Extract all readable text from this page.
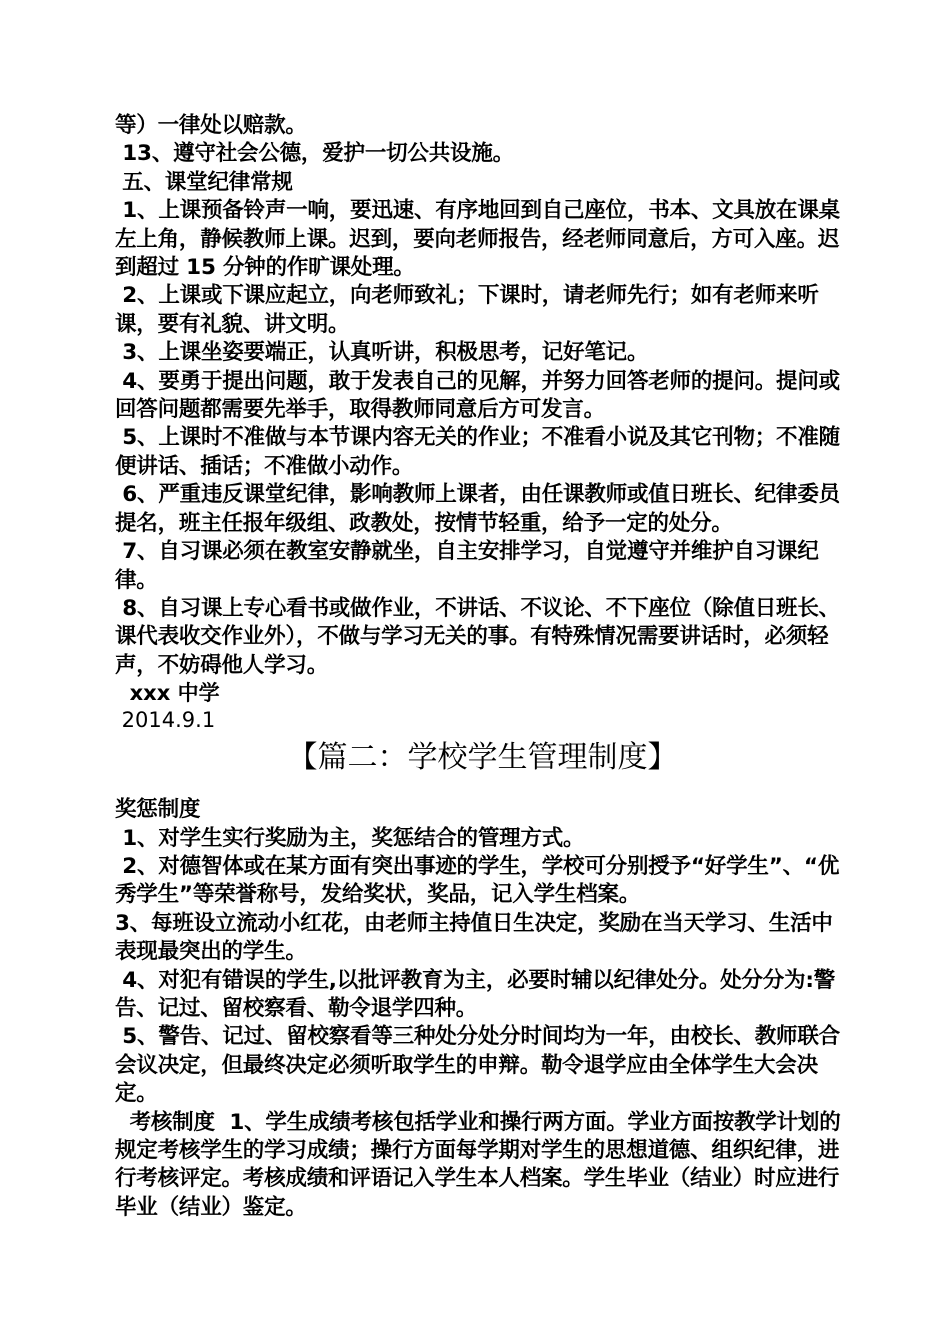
等）一律处以赔款。

13、遵守社会公德，爱护一切公共设施。

五、课堂纪律常规

1、上课预备铃声一响，要迅速、有序地回到自己座位，书本、文具放在课桌左上角，静候教师上课。迟到，要向老师报告，经老师同意后，方可入座。迟到超过 15 分钟的作旷课处理。

2、上课或下课应起立，向老师致礼；下课时，请老师先行；如有老师来听课，要有礼貌、讲文明。

3、上课坐姿要端正，认真听讲，积极思考，记好笔记。

4、要勇于提出问题，敢于发表自己的见解，并努力回答老师的提问。提问或回答问题都需要先举手，取得教师同意后方可发言。

5、上课时不准做与本节课内容无关的作业；不准看小说及其它刊物；不准随便讲话、插话；不准做小动作。

6、严重违反课堂纪律，影响教师上课者，由任课教师或值日班长、纪律委员提名，班主任报年级组、政教处，按情节轻重，给予一定的处分。

7、自习课必须在教室安静就坐，自主安排学习，自觉遵守并维护自习课纪律。

8、自习课上专心看书或做作业，不讲话、不议论、不下座位（除值日班长、课代表收交作业外），不做与学习无关的事。有特殊情况需要讲话时，必须轻声，不妨碍他人学习。

xxx 中学

2014.9.1

【篇二：学校学生管理制度】

奖惩制度

1、对学生实行奖励为主，奖惩结合的管理方式。

2、对德智体或在某方面有突出事迹的学生，学校可分别授予“好学生”、“优秀学生”等荣誉称号，发给奖状，奖品，记入学生档案。

3、每班设立流动小红花，由老师主持值日生决定，奖励在当天学习、生活中表现最突出的学生。

4、对犯有错误的学生,以批评教育为主，必要时辅以纪律处分。处分分为:警告、记过、留校察看、勒令退学四种。

5、警告、记过、留校察看等三种处分处分时间均为一年，由校长、教师联合会议决定，但最终决定必须听取学生的申辩。勒令退学应由全体学生大会决定。

考核制度  1、学生成绩考核包括学业和操行两方面。学业方面按教学计划的规定考核学生的学习成绩；操行方面每学期对学生的思想道德、组织纪律，进行考核评定。考核成绩和评语记入学生本人档案。学生毕业（结业）时应进行毕业（结业）鉴定。
